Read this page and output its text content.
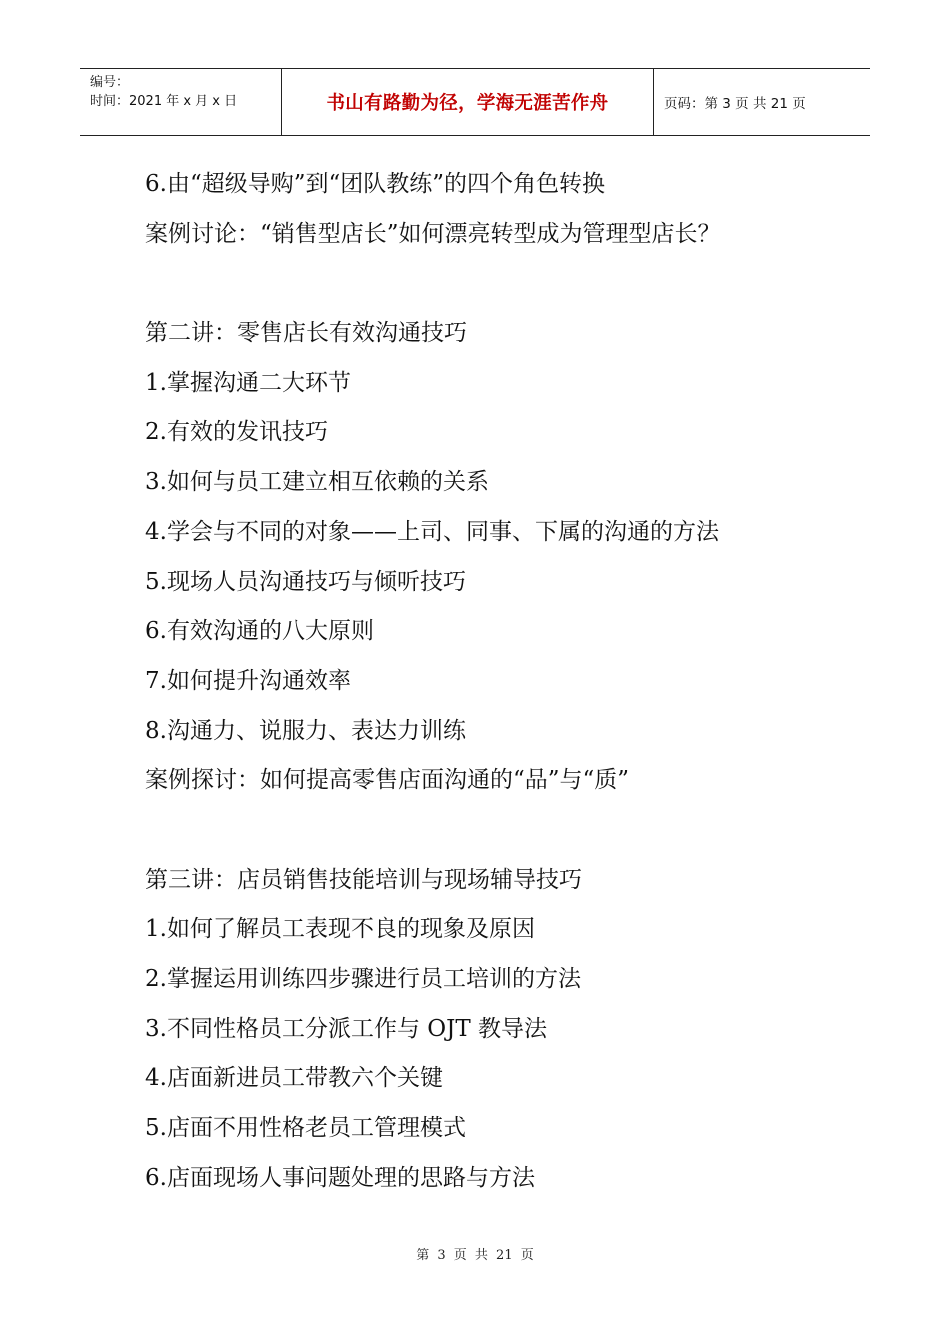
编号：
时间：2021 年 x 月 x 日	书山有路勤为径，学海无涯苦作舟	页码：第 3 页 共 21 页
6.由“超级导购”到“团队教练”的四个角色转换
案例讨论：“销售型店长”如何漂亮转型成为管理型店长？
第二讲：零售店长有效沟通技巧
1.掌握沟通二大环节
2.有效的发讯技巧
3.如何与员工建立相互依赖的关系
4.学会与不同的对象——上司、同事、下属的沟通的方法
5.现场人员沟通技巧与倾听技巧
6.有效沟通的八大原则
7.如何提升沟通效率
8.沟通力、说服力、表达力训练
案例探讨：如何提高零售店面沟通的“品”与“质”
第三讲：店员销售技能培训与现场辅导技巧
1.如何了解员工表现不良的现象及原因
2.掌握运用训练四步骤进行员工培训的方法
3.不同性格员工分派工作与 OJT 教导法
4.店面新进员工带教六个关键
5.店面不用性格老员工管理模式
6.店面现场人事问题处理的思路与方法
第 3 页 共 21 页
